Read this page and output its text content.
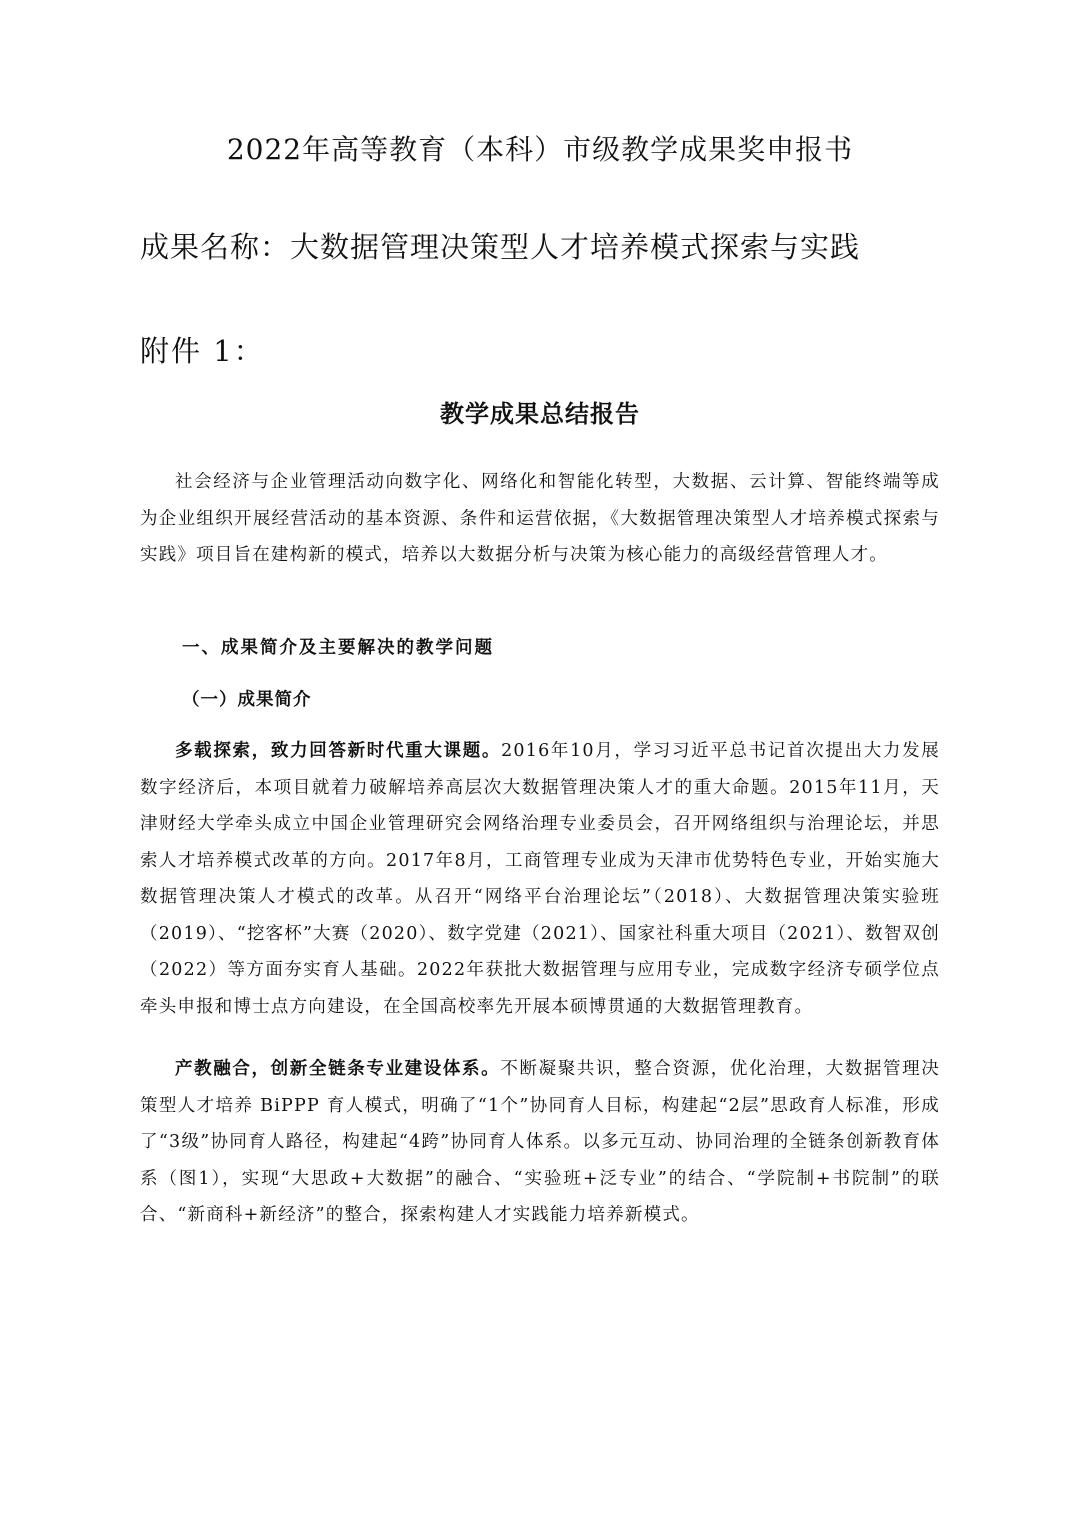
2022年高等教育（本科）市级教学成果奖申报书
成果名称：大数据管理决策型人才培养模式探索与实践
附件 1：
教学成果总结报告

社会经济与企业管理活动向数字化、网络化和智能化转型，大数据、云计算、智能终端等成为企业组织开展经营活动的基本资源、条件和运营依据，《大数据管理决策型人才培养模式探索与实践》项目旨在建构新的模式，培养以大数据分析与决策为核心能力的高级经营管理人才。

一、成果简介及主要解决的教学问题
（一）成果简介

多载探索，致力回答新时代重大课题。2016年10月，学习习近平总书记首次提出大力发展数字经济后，本项目就着力破解培养高层次大数据管理决策人才的重大命题。2015年11月，天津财经大学牵头成立中国企业管理研究会网络治理专业委员会，召开网络组织与治理论坛，并思索人才培养模式改革的方向。2017年8月，工商管理专业成为天津市优势特色专业，开始实施大数据管理决策人才模式的改革。从召开“网络平台治理论坛”（2018）、大数据管理决策实验班（2019）、“挖客杯”大赛（2020）、数字党建（2021）、国家社科重大项目（2021）、数智双创（2022）等方面夯实育人基础。2022年获批大数据管理与应用专业，完成数字经济专硕学位点牵头申报和博士点方向建设，在全国高校率先开展本硕博贯通的大数据管理教育。

产教融合，创新全链条专业建设体系。不断凝聚共识，整合资源，优化治理，大数据管理决策型人才培养 BiPPP 育人模式，明确了“1个”协同育人目标，构建起“2层”思政育人标准，形成了“3级”协同育人路径，构建起“4跨”协同育人体系。以多元互动、协同治理的全链条创新教育体系（图1），实现“大思政+大数据”的融合、“实验班+泛专业”的结合、“学院制+书院制”的联合、“新商科+新经济”的整合，探索构建人才实践能力培养新模式。
